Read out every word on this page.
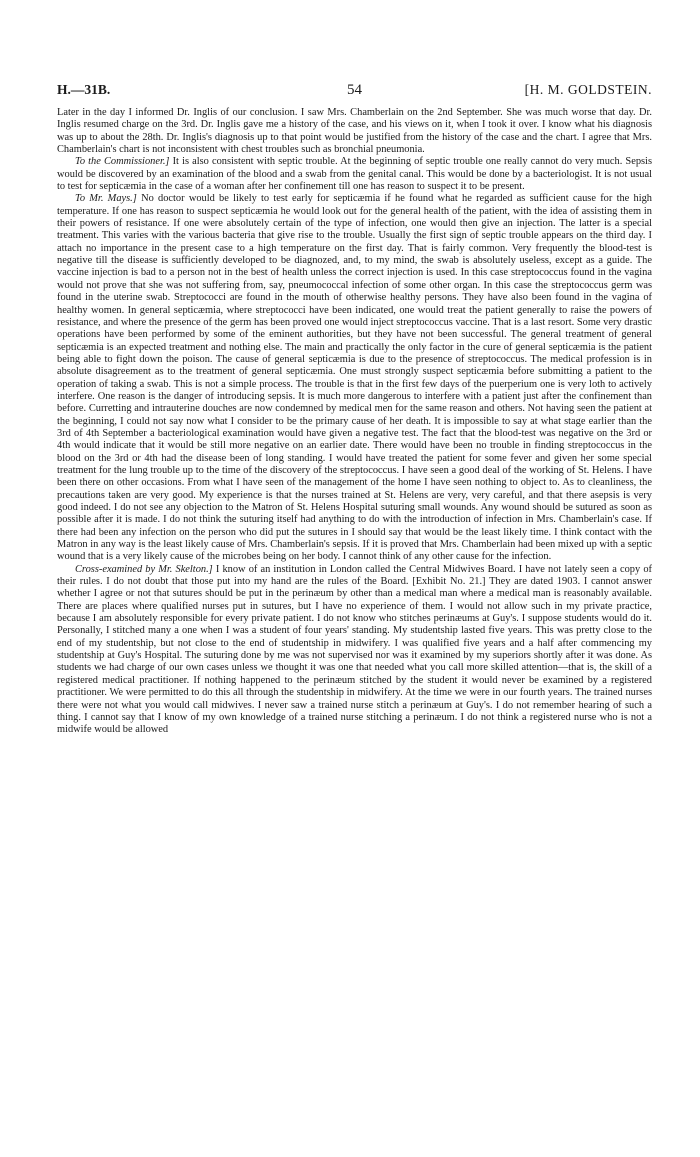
H.—31B.	54	[H. M. GOLDSTEIN.

Later in the day I informed Dr. Inglis of our conclusion. I saw Mrs. Chamberlain on the 2nd September. She was much worse that day. Dr. Inglis resumed charge on the 3rd. Dr. Inglis gave me a history of the case, and his views on it, when I took it over. I know what his diagnosis was up to about the 28th. Dr. Inglis's diagnosis up to that point would be justified from the history of the case and the chart. I agree that Mrs. Chamberlain's chart is not inconsistent with chest troubles such as bronchial pneumonia.

To the Commissioner.] It is also consistent with septic trouble. At the beginning of septic trouble one really cannot do very much. Sepsis would be discovered by an examination of the blood and a swab from the genital canal. This would be done by a bacteriologist. It is not usual to test for septicæmia in the case of a woman after her confinement till one has reason to suspect it to be present.

To Mr. Mays.] No doctor would be likely to test early for septicæmia if he found what he regarded as sufficient cause for the high temperature. If one has reason to suspect septicæmia he would look out for the general health of the patient, with the idea of assisting them in their powers of resistance. If one were absolutely certain of the type of infection, one would then give an injection. The latter is a special treatment. This varies with the various bacteria that give rise to the trouble. Usually the first sign of septic trouble appears on the third day. I attach no importance in the present case to a high temperature on the first day. That is fairly common. Very frequently the blood-test is negative till the disease is sufficiently developed to be diagnozed, and, to my mind, the swab is absolutely useless, except as a guide. The vaccine injection is bad to a person not in the best of health unless the correct injection is used. In this case streptococcus found in the vagina would not prove that she was not suffering from, say, pneumococcal infection of some other organ. In this case the streptococcus germ was found in the uterine swab. Streptococci are found in the mouth of otherwise healthy persons. They have also been found in the vagina of healthy women. In general septicæmia, where streptococci have been indicated, one would treat the patient generally to raise the powers of resistance, and where the presence of the germ has been proved one would inject streptococcus vaccine. That is a last resort. Some very drastic operations have been performed by some of the eminent authorities, but they have not been successful. The general treatment of general septicæmia is an expected treatment and nothing else. The main and practically the only factor in the cure of general septicæmia is the patient being able to fight down the poison. The cause of general septicæmia is due to the presence of streptococcus. The medical profession is in absolute disagreement as to the treatment of general septicæmia. One must strongly suspect septicæmia before submitting a patient to the operation of taking a swab. This is not a simple process. The trouble is that in the first few days of the puerperium one is very loth to actively interfere. One reason is the danger of introducing sepsis. It is much more dangerous to interfere with a patient just after the confinement than before. Curretting and intrauterine douches are now condemned by medical men for the same reason and others. Not having seen the patient at the beginning, I could not say now what I consider to be the primary cause of her death. It is impossible to say at what stage earlier than the 3rd of 4th September a bacteriological examination would have given a negative test. The fact that the blood-test was negative on the 3rd or 4th would indicate that it would be still more negative on an earlier date. There would have been no trouble in finding streptococcus in the blood on the 3rd or 4th had the disease been of long standing. I would have treated the patient for some fever and given her some special treatment for the lung trouble up to the time of the discovery of the streptococcus. I have seen a good deal of the working of St. Helens. I have been there on other occasions. From what I have seen of the management of the home I have seen nothing to object to. As to cleanliness, the precautions taken are very good. My experience is that the nurses trained at St. Helens are very, very careful, and that there asepsis is very good indeed. I do not see any objection to the Matron of St. Helens Hospital suturing small wounds. Any wound should be sutured as soon as possible after it is made. I do not think the suturing itself had anything to do with the introduction of infection in Mrs. Chamberlain's case. If there had been any infection on the person who did put the sutures in I should say that would be the least likely time. I think contact with the Matron in any way is the least likely cause of Mrs. Chamberlain's sepsis. If it is proved that Mrs. Chamberlain had been mixed up with a septic wound that is a very likely cause of the microbes being on her body. I cannot think of any other cause for the infection.

Cross-examined by Mr. Skelton.] I know of an institution in London called the Central Midwives Board. I have not lately seen a copy of their rules. I do not doubt that those put into my hand are the rules of the Board. [Exhibit No. 21.] They are dated 1903. I cannot answer whether I agree or not that sutures should be put in the perinæum by other than a medical man where a medical man is reasonably available. There are places where qualified nurses put in sutures, but I have no experience of them. I would not allow such in my private practice, because I am absolutely responsible for every private patient. I do not know who stitches perinæums at Guy's. I suppose students would do it. Personally, I stitched many a one when I was a student of four years' standing. My studentship lasted five years. This was pretty close to the end of my studentship, but not close to the end of studentship in midwifery. I was qualified five years and a half after commencing my studentship at Guy's Hospital. The suturing done by me was not supervised nor was it examined by my superiors shortly after it was done. As students we had charge of our own cases unless we thought it was one that needed what you call more skilled attention—that is, the skill of a registered medical practitioner. If nothing happened to the perinæum stitched by the student it would never be examined by a registered practitioner. We were permitted to do this all through the studentship in midwifery. At the time we were in our fourth years. The trained nurses there were not what you would call midwives. I never saw a trained nurse stitch a perinæum at Guy's. I do not remember hearing of such a thing. I cannot say that I know of my own knowledge of a trained nurse stitching a perinæum. I do not think a registered nurse who is not a midwife would be allowed
